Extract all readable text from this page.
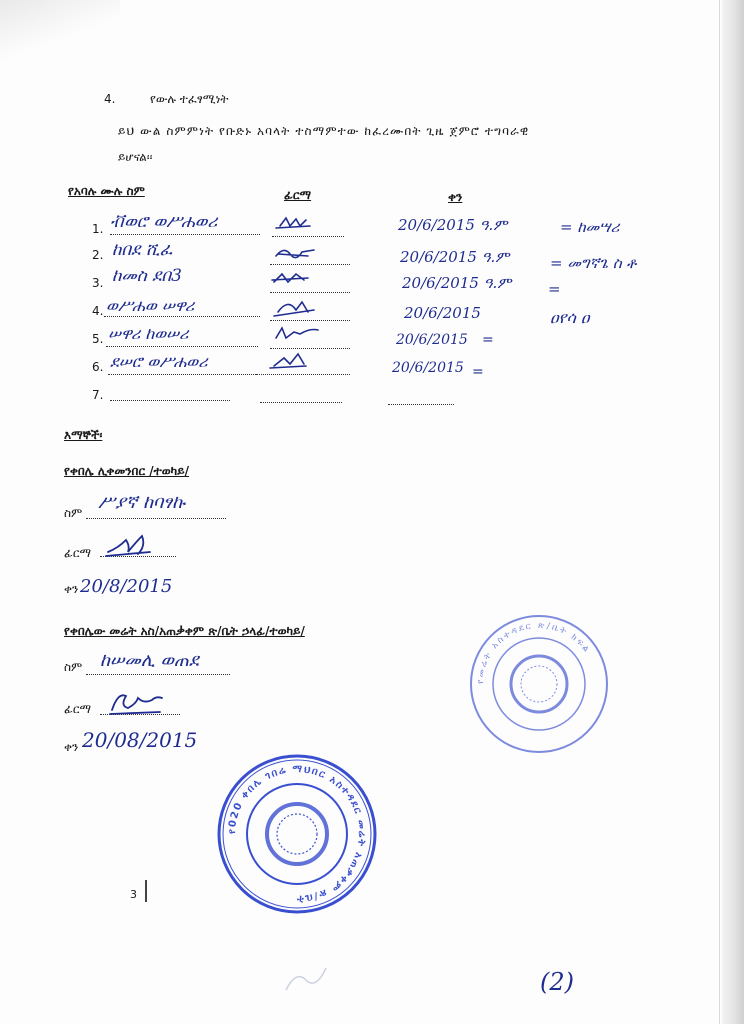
4.	የውሉ ተፈፃሚነት
ይህ ውል ስምምነት የቡድኑ አባላት ተስማምተው ከፈረሙበት ጊዜ ጀምሮ ተግባራዊ
ይሆናል፡፡
የአባሉ ሙሉ ስም	ፊርማ	ቀን
1. ቭወሮ ወሥሐወሪ	20/6/2015 ዓ.ም	= ከመሣሪ
2. ከበደ ሺፈ	20/6/2015 ዓ.ም	= መግኛጌ ስ ቶ
3. ከመስ ደበ3	20/6/2015 ዓ.ም =
4. ወሥሐወ ሠዋሪ	20/6/2015	ዐየሳ ዐ
5. ሠዋሪ ከወሠሪ	20/6/2015 =
6. ደሠሮ ወሥሐወሪ	20/6/2015 =
7.
እማኞች፡
የቀበሌ ሊቀመንበር /ተወካይ/
ስም ሥያኛ ከባፃኩ
ፊርማ
ቀን 20/8/2015
የቀበሌው መሬት አስ/አጠቃቀም ጽ/ቤት ኃላፊ/ተወካይ/
ስም ከሠመሊ ወጠደ
ፊርማ
ቀን 20/08/2015
የመሬት አስተዳደር ጽ/ቤት ክፍል
የ020 ቀበሌ ገበሬ ማህበር አስተዳደር መሬት አጠቃቀም ጽ/ቤት
3
(2)
